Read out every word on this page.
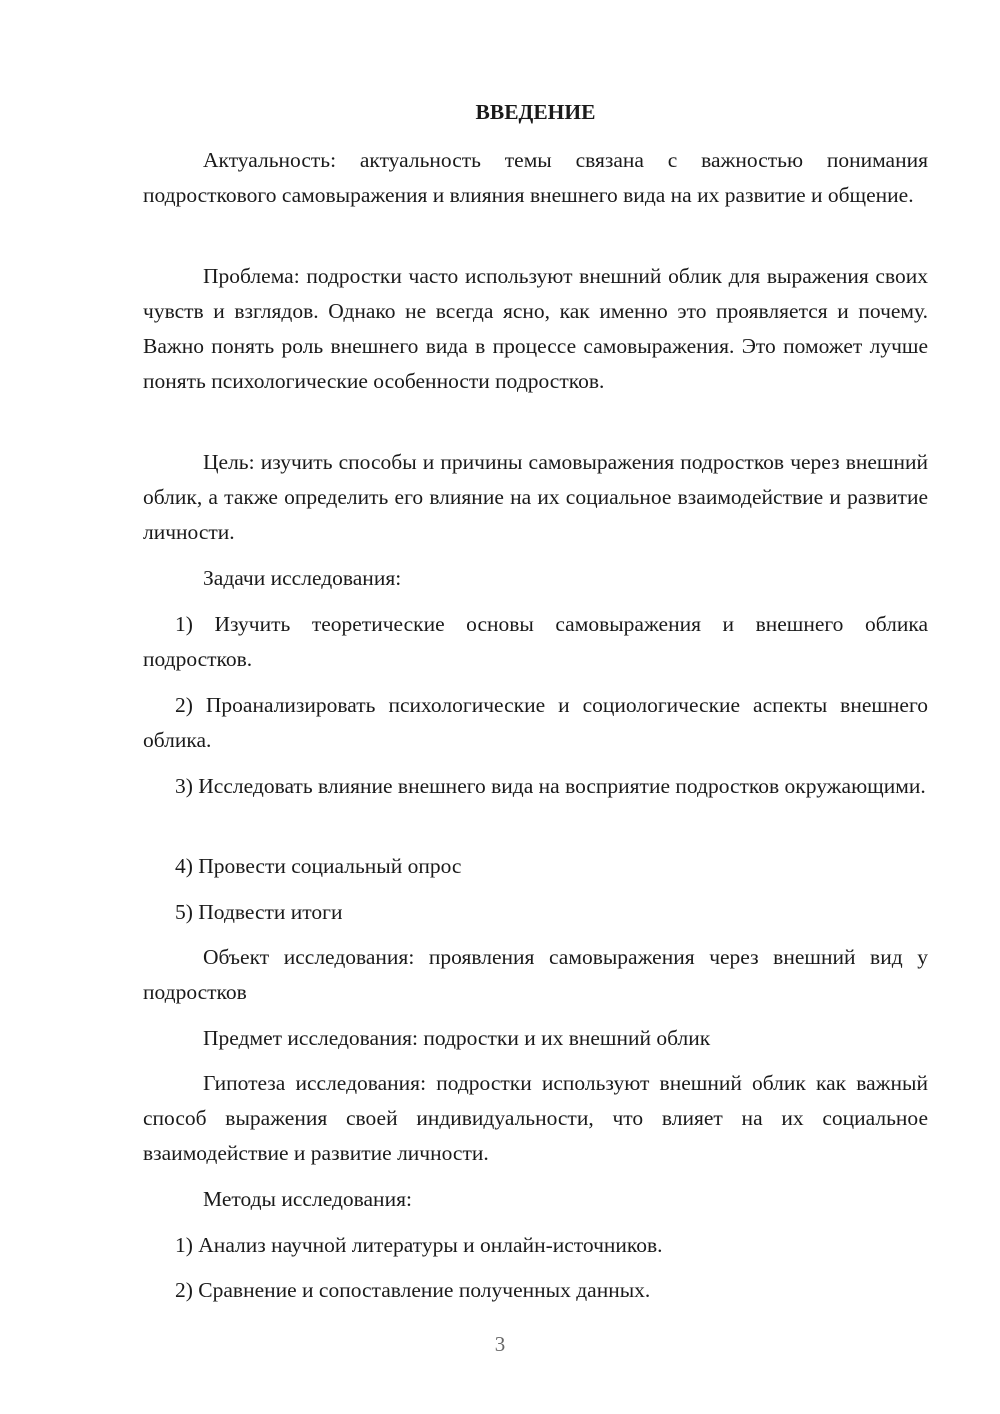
ВВЕДЕНИЕ

Актуальность: актуальность темы связана с важностью понимания подросткового самовыражения и влияния внешнего вида на их развитие и общение.

Проблема: подростки часто используют внешний облик для выражения своих чувств и взглядов. Однако не всегда ясно, как именно это проявляется и почему. Важно понять роль внешнего вида в процессе самовыражения. Это поможет лучше понять психологические особенности подростков.

Цель: изучить способы и причины самовыражения подростков через внешний облик, а также определить его влияние на их социальное взаимодействие и развитие личности.

Задачи исследования:

1) Изучить теоретические основы самовыражения и внешнего облика подростков.

2) Проанализировать психологические и социологические аспекты внешнего облика.

3) Исследовать влияние внешнего вида на восприятие подростков окружающими.

4) Провести социальный опрос

5) Подвести итоги

Объект исследования: проявления самовыражения через внешний вид у подростков

Предмет исследования: подростки и их внешний облик

Гипотеза исследования: подростки используют внешний облик как важный способ выражения своей индивидуальности, что влияет на их социальное взаимодействие и развитие личности.

Методы исследования:

1) Анализ научной литературы и онлайн-источников.

2) Сравнение и сопоставление полученных данных.

3
